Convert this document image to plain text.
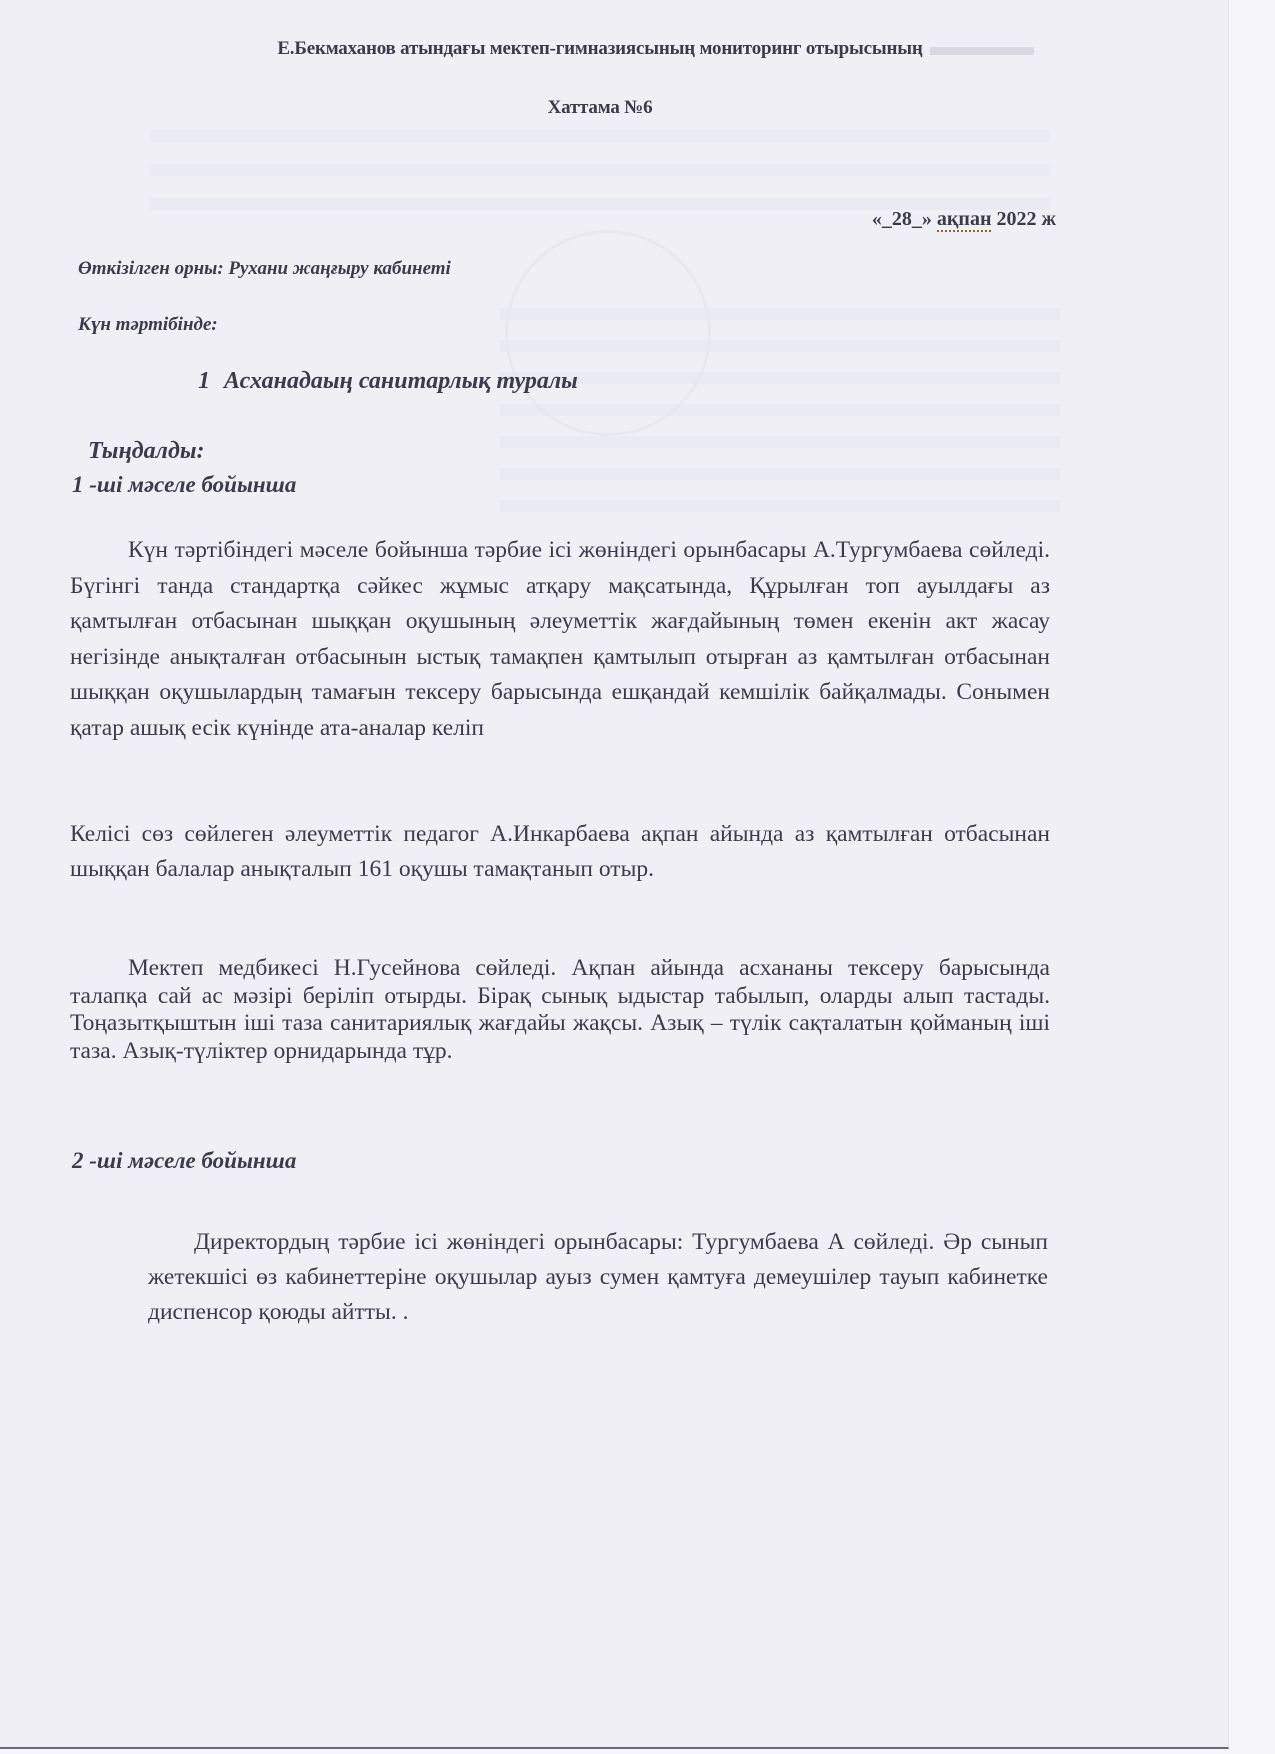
​▬▬▬▬
Е.Бекмаханов атындағы мектеп-гимназиясының мониторинг отырысының
Хаттама №6
«_28_» ақпан 2022 ж
Өткізілген орны: Рухани жаңғыру кабинеті
Күн тәртібінде:
1 Асханадаың санитарлық туралы
Тыңдалды:
1 -ші мәселе бойынша

Күн тәртібіндегі мәселе бойынша тәрбие ісі жөніндегі орынбасары А.Тургумбаева сөйледі. Бүгінгі танда стандартқа сәйкес жұмыс атқару мақсатында, Құрылған топ ауылдағы аз қамтылған отбасынан шыққан оқушының әлеуметтік жағдайының төмен екенін акт жасау негізінде анықталған отбасынын ыстық тамақпен қамтылып отырған аз қамтылған отбасынан шыққан оқушылардың тамағын тексеру барысында ешқандай кемшілік байқалмады. Сонымен қатар ашық есік күнінде ата-аналар келіп

Келісі сөз сөйлеген әлеуметтік педагог А.Инкарбаева ақпан айында аз қамтылған отбасынан шыққан балалар анықталып 161 оқушы тамақтанып отыр.

Мектеп медбикесі Н.Гусейнова сөйледі. Ақпан айында асхананы тексеру барысында талапқа сай ас мәзірі беріліп отырды. Бірақ сынық ыдыстар табылып, оларды алып тастады. Тоңазытқыштын іші таза санитариялық жағдайы жақсы. Азық – түлік сақталатын қойманың іші таза. Азық-түліктер орнидарында тұр.

2 -ші мәселе бойынша

Директордың тәрбие ісі жөніндегі орынбасары: Тургумбаева А сөйледі. Әр сынып жетекшісі өз кабинеттеріне оқушылар ауыз сумен қамтуға демеушілер тауып кабинетке диспенсор қоюды айтты. .
